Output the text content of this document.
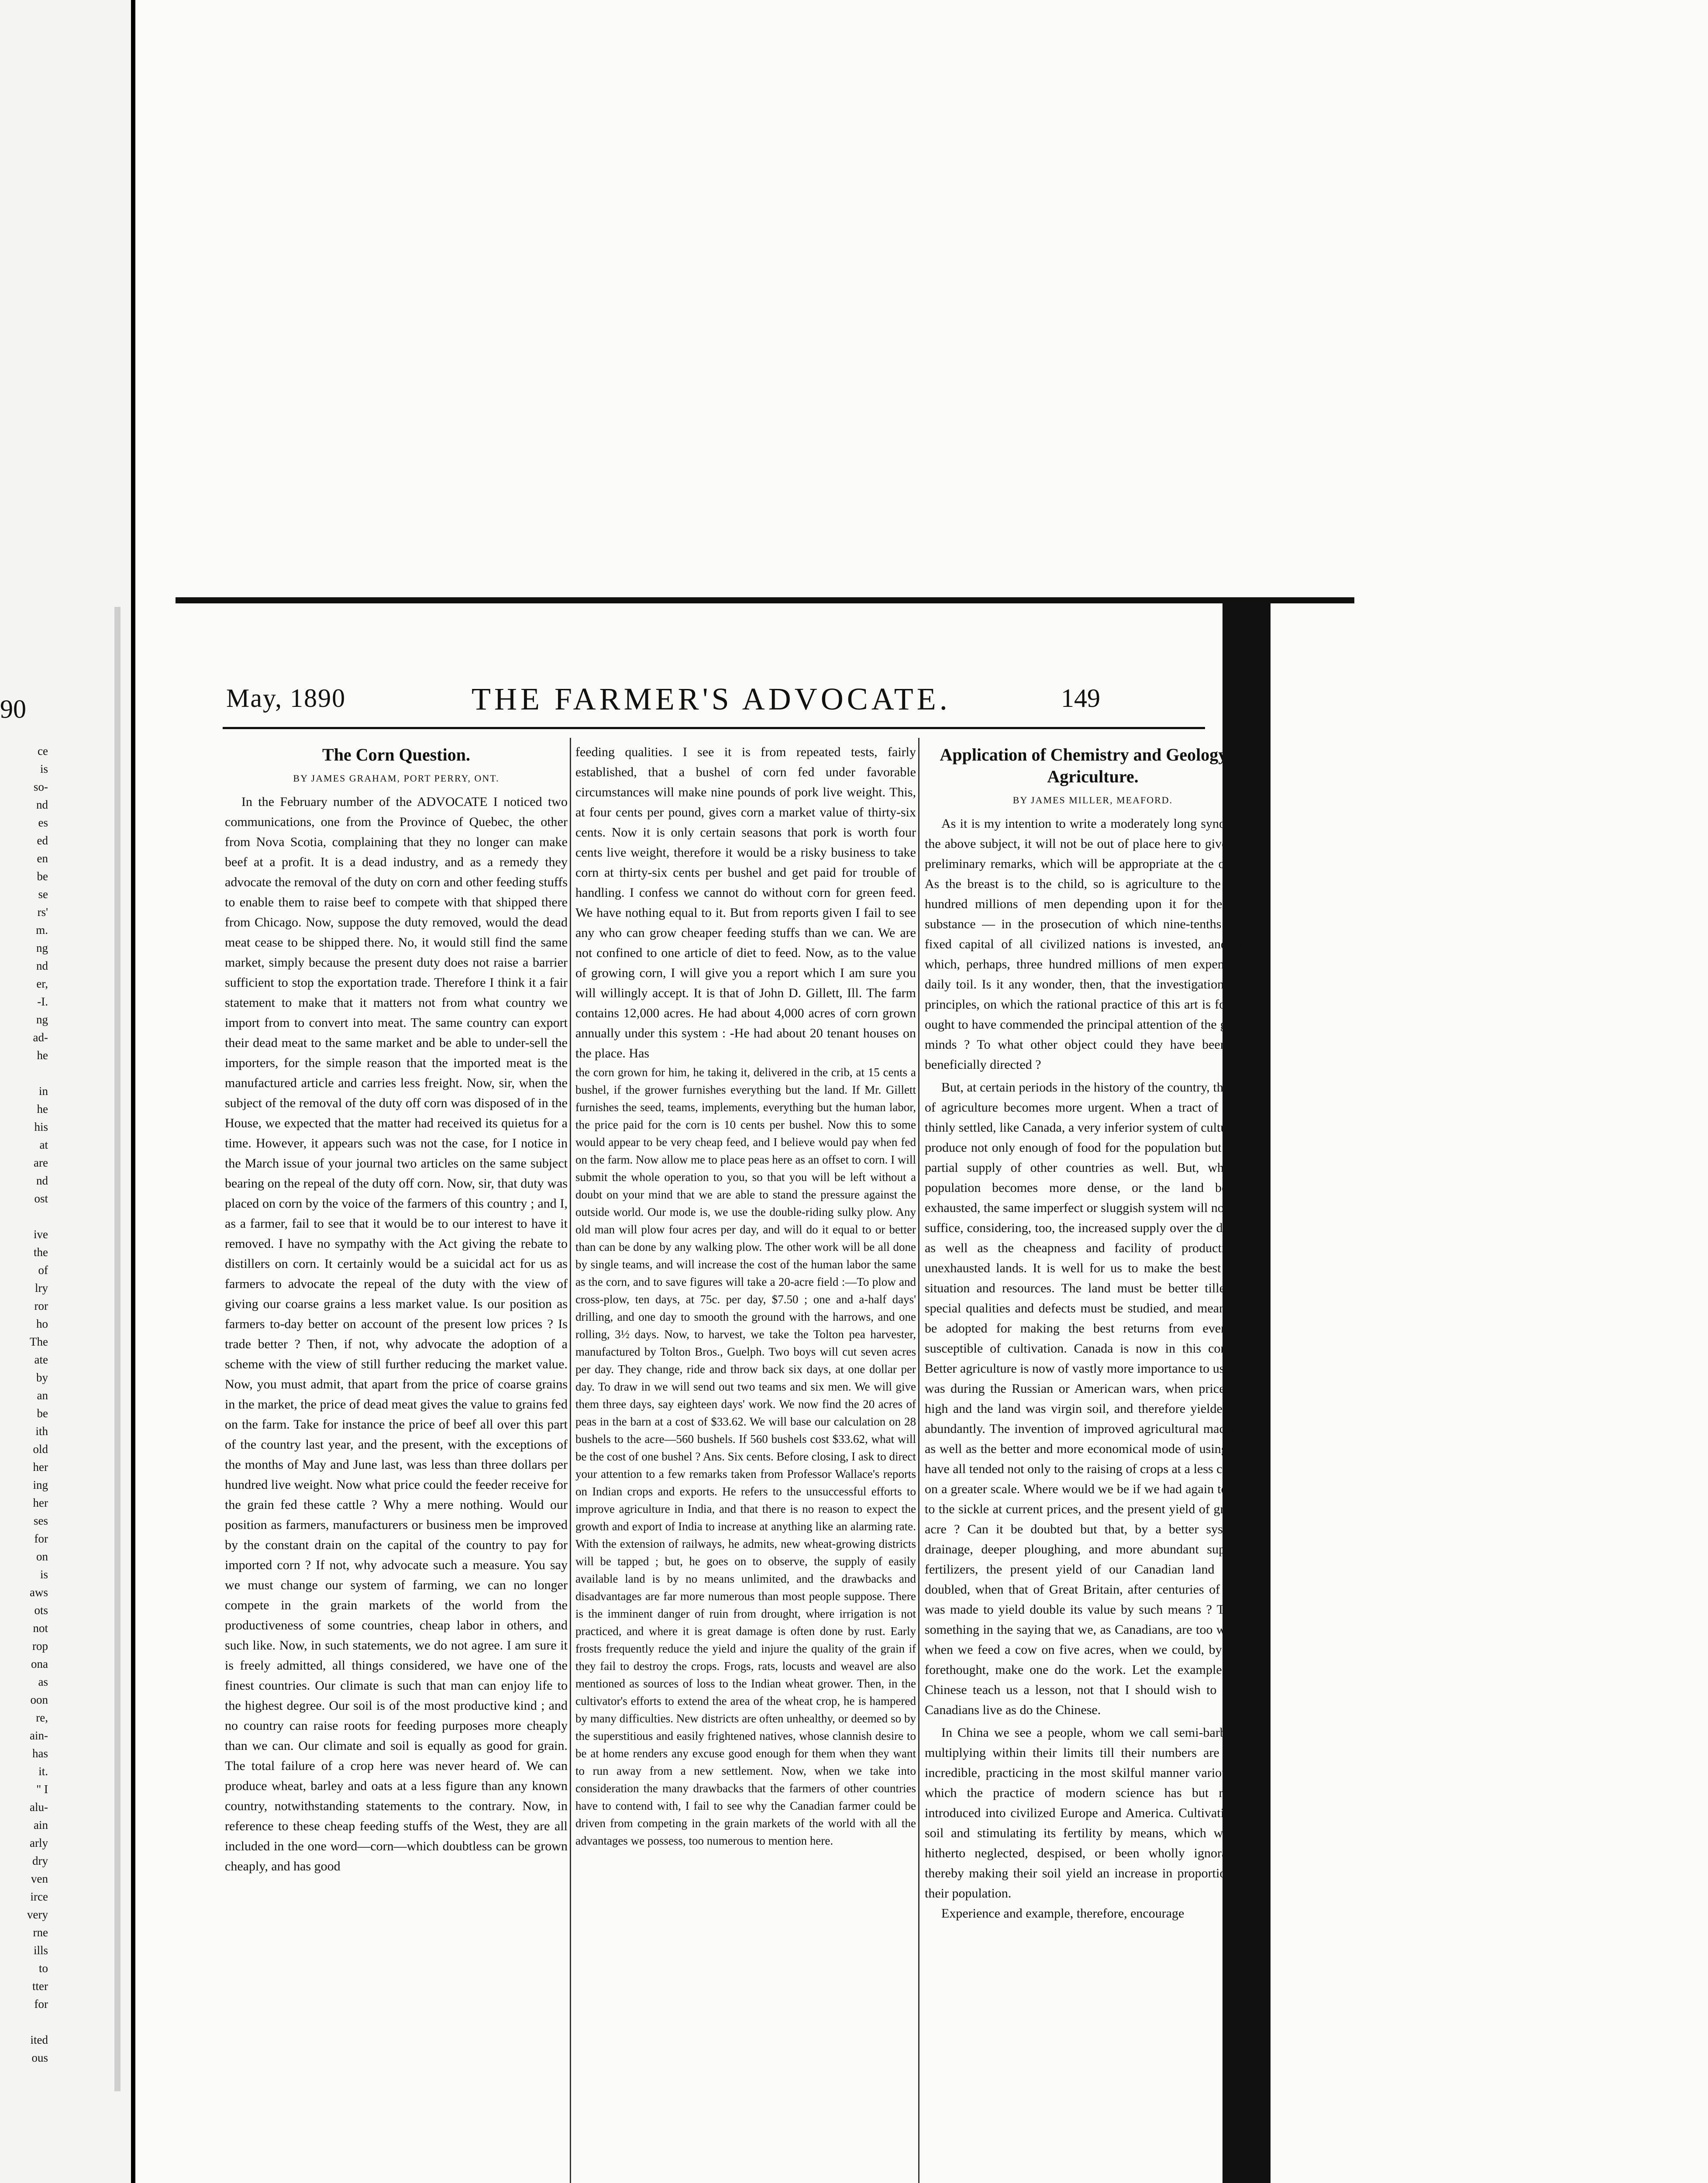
90
ce
is
so-
nd
es
ed
en
be
se
rs'
m.
ng
nd
er,
-I.
ng
ad-
he

in
he
his
at
are
nd
ost

ive
the
of
lry
ror
ho
The
ate
by
an
be
ith
old
her
ing
her
ses
for
on
is
aws
ots
not
rop
ona
as
oon
re,
ain-
has
it.
" I
alu-
ain
arly
dry
ven
irce
very
rne
ills
to
tter
for

ited
ous
May, 1890	THE FARMER'S ADVOCATE.	149
The Corn Question.
BY JAMES GRAHAM, PORT PERRY, ONT.

In the February number of the ADVOCATE I noticed two communications, one from the Province of Quebec, the other from Nova Scotia, complaining that they no longer can make beef at a profit. It is a dead industry, and as a remedy they advocate the removal of the duty on corn and other feeding stuffs to enable them to raise beef to compete with that shipped there from Chicago. Now, suppose the duty removed, would the dead meat cease to be shipped there. No, it would still find the same market, simply because the present duty does not raise a barrier sufficient to stop the exportation trade. Therefore I think it a fair statement to make that it matters not from what country we import from to convert into meat. The same country can export their dead meat to the same market and be able to under-sell the importers, for the simple reason that the imported meat is the manufactured article and carries less freight. Now, sir, when the subject of the removal of the duty off corn was disposed of in the House, we expected that the matter had received its quietus for a time. However, it appears such was not the case, for I notice in the March issue of your journal two articles on the same subject bearing on the repeal of the duty off corn. Now, sir, that duty was placed on corn by the voice of the farmers of this country ; and I, as a farmer, fail to see that it would be to our interest to have it removed. I have no sympathy with the Act giving the rebate to distillers on corn. It certainly would be a suicidal act for us as farmers to advocate the repeal of the duty with the view of giving our coarse grains a less market value. Is our position as farmers to-day better on account of the present low prices ? Is trade better ? Then, if not, why advocate the adoption of a scheme with the view of still further reducing the market value. Now, you must admit, that apart from the price of coarse grains in the market, the price of dead meat gives the value to grains fed on the farm. Take for instance the price of beef all over this part of the country last year, and the present, with the exceptions of the months of May and June last, was less than three dollars per hundred live weight. Now what price could the feeder receive for the grain fed these cattle ? Why a mere nothing. Would our position as farmers, manufacturers or business men be improved by the constant drain on the capital of the country to pay for imported corn ? If not, why advocate such a measure. You say we must change our system of farming, we can no longer compete in the grain markets of the world from the productiveness of some countries, cheap labor in others, and such like. Now, in such statements, we do not agree. I am sure it is freely admitted, all things considered, we have one of the finest countries. Our climate is such that man can enjoy life to the highest degree. Our soil is of the most productive kind ; and no country can raise roots for feeding purposes more cheaply than we can. Our climate and soil is equally as good for grain. The total failure of a crop here was never heard of. We can produce wheat, barley and oats at a less figure than any known country, notwithstanding statements to the contrary. Now, in reference to these cheap feeding stuffs of the West, they are all included in the one word—corn—which doubtless can be grown cheaply, and has good

feeding qualities. I see it is from repeated tests, fairly established, that a bushel of corn fed under favorable circumstances will make nine pounds of pork live weight. This, at four cents per pound, gives corn a market value of thirty-six cents. Now it is only certain seasons that pork is worth four cents live weight, therefore it would be a risky business to take corn at thirty-six cents per bushel and get paid for trouble of handling. I confess we cannot do without corn for green feed. We have nothing equal to it. But from reports given I fail to see any who can grow cheaper feeding stuffs than we can. We are not confined to one article of diet to feed. Now, as to the value of growing corn, I will give you a report which I am sure you will willingly accept. It is that of John D. Gillett, Ill. The farm contains 12,000 acres. He had about 4,000 acres of corn grown annually under this system : -He had about 20 tenant houses on the place. Has

the corn grown for him, he taking it, delivered in the crib, at 15 cents a bushel, if the grower furnishes everything but the land. If Mr. Gillett furnishes the seed, teams, implements, everything but the human labor, the price paid for the corn is 10 cents per bushel. Now this to some would appear to be very cheap feed, and I believe would pay when fed on the farm. Now allow me to place peas here as an offset to corn. I will submit the whole operation to you, so that you will be left without a doubt on your mind that we are able to stand the pressure against the outside world. Our mode is, we use the double-riding sulky plow. Any old man will plow four acres per day, and will do it equal to or better than can be done by any walking plow. The other work will be all done by single teams, and will increase the cost of the human labor the same as the corn, and to save figures will take a 20-acre field :—To plow and cross-plow, ten days, at 75c. per day, $7.50 ; one and a-half days' drilling, and one day to smooth the ground with the harrows, and one rolling, 3½ days. Now, to harvest, we take the Tolton pea harvester, manufactured by Tolton Bros., Guelph. Two boys will cut seven acres per day. They change, ride and throw back six days, at one dollar per day. To draw in we will send out two teams and six men. We will give them three days, say eighteen days' work. We now find the 20 acres of peas in the barn at a cost of $33.62. We will base our calculation on 28 bushels to the acre—560 bushels. If 560 bushels cost $33.62, what will be the cost of one bushel ? Ans. Six cents. Before closing, I ask to direct your attention to a few remarks taken from Professor Wallace's reports on Indian crops and exports. He refers to the unsuccessful efforts to improve agriculture in India, and that there is no reason to expect the growth and export of India to increase at anything like an alarming rate. With the extension of railways, he admits, new wheat-growing districts will be tapped ; but, he goes on to observe, the supply of easily available land is by no means unlimited, and the drawbacks and disadvantages are far more numerous than most people suppose. There is the imminent danger of ruin from drought, where irrigation is not practiced, and where it is great damage is often done by rust. Early frosts frequently reduce the yield and injure the quality of the grain if they fail to destroy the crops. Frogs, rats, locusts and weavel are also mentioned as sources of loss to the Indian wheat grower. Then, in the cultivator's efforts to extend the area of the wheat crop, he is hampered by many difficulties. New districts are often unhealthy, or deemed so by the superstitious and easily frightened natives, whose clannish desire to be at home renders any excuse good enough for them when they want to run away from a new settlement. Now, when we take into consideration the many drawbacks that the farmers of other countries have to contend with, I fail to see why the Canadian farmer could be driven from competing in the grain markets of the world with all the advantages we possess, too numerous to mention here.

Application of Chemistry and Geology to Agriculture.
BY JAMES MILLER, MEAFORD.

As it is my intention to write a moderately long synopsis of the above subject, it will not be out of place here to give a few preliminary remarks, which will be appropriate at the outstart. As the breast is to the child, so is agriculture to the fifteen hundred millions of men depending upon it for their very substance — in the prosecution of which nine-tenths of the fixed capital of all civilized nations is invested, and upon which, perhaps, three hundred millions of men expend their daily toil. Is it any wonder, then, that the investigation of the principles, on which the rational practice of this art is founded, ought to have commended the principal attention of the greatest minds ? To what other object could they have been more beneficially directed ?

But, at certain periods in the history of the country, the study of agriculture becomes more urgent. When a tract of land is thinly settled, like Canada, a very inferior system of culture will produce not only enough of food for the population but for the partial supply of other countries as well. But, when the population becomes more dense, or the land becomes exhausted, the same imperfect or sluggish system will no longer suffice, considering, too, the increased supply over the demand, as well as the cheapness and facility of production on unexhausted lands. It is well for us to make the best of our situation and resources. The land must be better tilled ; its special qualities and defects must be studied, and means must be adopted for making the best returns from every part susceptible of cultivation. Canada is now in this condition. Better agriculture is now of vastly more importance to us than it was during the Russian or American wars, when prices were high and the land was virgin soil, and therefore yielded more abundantly. The invention of improved agricultural machinery, as well as the better and more economical mode of using them, have all tended not only to the raising of crops at a less cost, but on a greater scale. Where would we be if we had again to resort to the sickle at current prices, and the present yield of grain per acre ? Can it be doubted but that, by a better system of drainage, deeper ploughing, and more abundant supply of fertilizers, the present yield of our Canadian land can be doubled, when that of Great Britain, after centuries of tillage, was made to yield double its value by such means ? There is something in the saying that we, as Canadians, are too well off, when we feed a cow on five acres, when we could, by a little forethought, make one do the work. Let the example of the Chinese teach us a lesson, not that I should wish to see the Canadians live as do the Chinese.

In China we see a people, whom we call semi-barbarians, multiplying within their limits till their numbers are almost incredible, practicing in the most skilful manner various arts, which the practice of modern science has but recently introduced into civilized Europe and America. Cultivating this soil and stimulating its fertility by means, which we have hitherto neglected, despised, or been wholly ignorant of, thereby making their soil yield an increase in proportion with their population.

Experience and example, therefore, encourage
